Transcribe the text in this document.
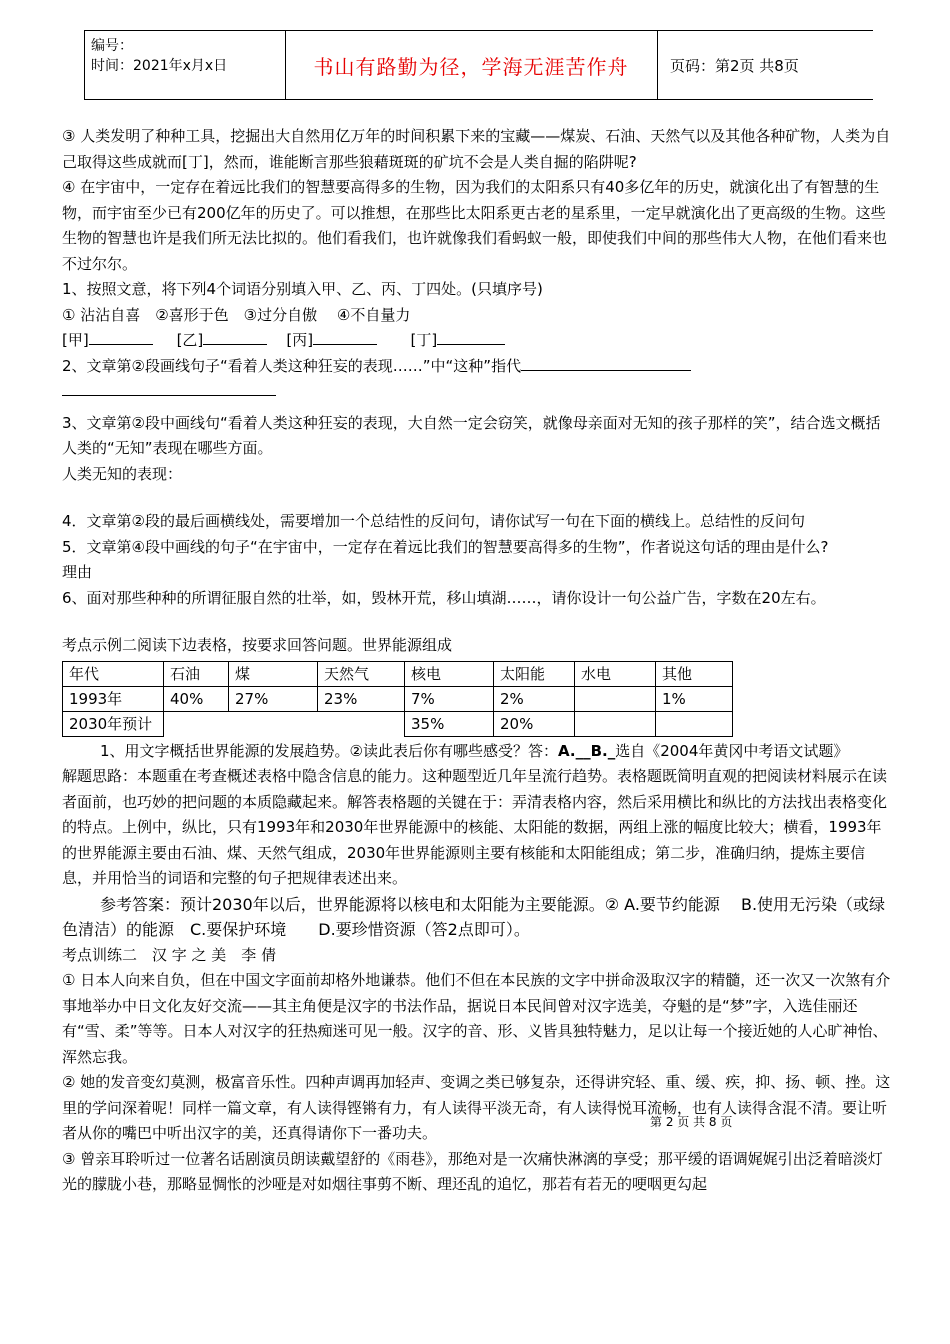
编号：
时间：2021年x月x日	书山有路勤为径，学海无涯苦作舟	页码：第2页 共8页

③ 人类发明了种种工具，挖掘出大自然用亿万年的时间积累下来的宝藏——煤炭、石油、天然气以及其他各种矿物，人类为自己取得这些成就而[丁]，然而，谁能断言那些狼藉斑斑的矿坑不会是人类自掘的陷阱呢?

④ 在宇宙中，一定存在着远比我们的智慧要高得多的生物，因为我们的太阳系只有40多亿年的历史，就演化出了有智慧的生物，而宇宙至少已有200亿年的历史了。可以推想，在那些比太阳系更古老的星系里，一定早就演化出了更高级的生物。这些生物的智慧也许是我们所无法比拟的。他们看我们，也许就像我们看蚂蚁一般，即使我们中间的那些伟大人物，在他们看来也不过尔尔。

1、按照文意，将下列4个词语分别填入甲、乙、丙、丁四处。(只填序号)

① 沾沾自喜　②喜形于色　③过分自傲　 ④不自量力

[甲]	[乙]	[丙]	[丁]

2、文章第②段画线句子“看着人类这种狂妄的表现……”中“这种”指代

3、文章第②段中画线句“看着人类这种狂妄的表现，大自然一定会窃笑，就像母亲面对无知的孩子那样的笑”，结合选文概括人类的“无知”表现在哪些方面。

人类无知的表现：

4．文章第②段的最后画横线处，需要增加一个总结性的反问句，请你试写一句在下面的横线上。总结性的反问句

5．文章第④段中画线的句子“在宇宙中，一定存在着远比我们的智慧要高得多的生物”，作者说这句话的理由是什么?

理由

6、面对那些种种的所谓征服自然的壮举，如，毁林开荒，移山填湖……，请你设计一句公益广告，字数在20左右。

考点示例二阅读下边表格，按要求回答问题。世界能源组成

年代	石油	煤	天然气	核电	太阳能	水电	其他
1993年	40%	27%	23%	7%	2%		1%
2030年预计				35%	20%		

1、用文字概括世界能源的发展趋势。②读此表后你有哪些感受？答：A.__B._选自《2004年黄冈中考语文试题》

解题思路：本题重在考查概述表格中隐含信息的能力。这种题型近几年呈流行趋势。表格题既简明直观的把阅读材料展示在读者面前，也巧妙的把问题的本质隐藏起来。解答表格题的关键在于：弄清表格内容，然后采用横比和纵比的方法找出表格变化的特点。上例中，纵比，只有1993年和2030年世界能源中的核能、太阳能的数据，两组上涨的幅度比较大；横看，1993年的世界能源主要由石油、煤、天然气组成，2030年世界能源则主要有核能和太阳能组成；第二步，准确归纳，提炼主要信息，并用恰当的词语和完整的句子把规律表述出来。

参考答案：预计2030年以后，世界能源将以核电和太阳能为主要能源。② A.要节约能源　 B.使用无污染（或绿色清洁）的能源　C.要保护环境　　D.要珍惜资源（答2点即可）。

考点训练二　汉 字 之 美　李 倩

① 日本人向来自负，但在中国文字面前却格外地谦恭。他们不但在本民族的文字中拼命汲取汉字的精髓，还一次又一次煞有介事地举办中日文化友好交流——其主角便是汉字的书法作品，据说日本民间曾对汉字选美，夺魁的是“梦”字，入选佳丽还有“雪、柔”等等。日本人对汉字的狂热痴迷可见一般。汉字的音、形、义皆具独特魅力，足以让每一个接近她的人心旷神怡、浑然忘我。

② 她的发音变幻莫测，极富音乐性。四种声调再加轻声、变调之类已够复杂，还得讲究轻、重、缓、疾，抑、扬、顿、挫。这里的学问深着呢！同样一篇文章，有人读得铿锵有力，有人读得平淡无奇，有人读得悦耳流畅，也有人读得含混不清。要让听者从你的嘴巴中听出汉字的美，还真得请你下一番功夫。

③ 曾亲耳聆听过一位著名话剧演员朗读戴望舒的《雨巷》，那绝对是一次痛快淋漓的享受；那平缓的语调娓娓引出泛着暗淡灯光的朦胧小巷，那略显惆怅的沙哑是对如烟往事剪不断、理还乱的追忆，那若有若无的哽咽更勾起

第 2 页 共 8 页
